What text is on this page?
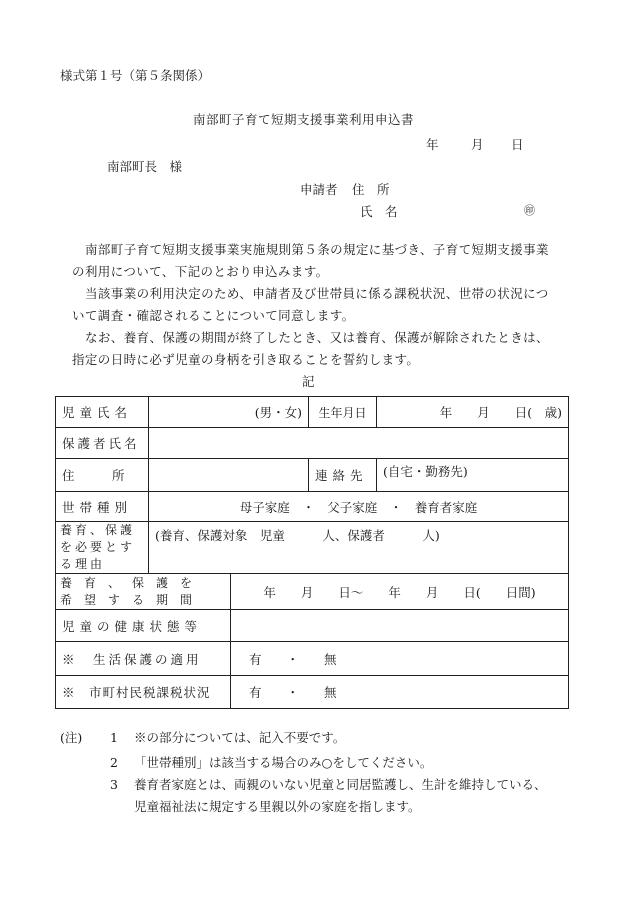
様式第１号（第５条関係）
南部町子育て短期支援事業利用申込書
年	月 日
南部町長　様
申請者 住　所
氏　名	㊞
南部町子育て短期支援事業実施規則第５条の規定に基づき、子育て短期支援事業の利用について、下記のとおり申込みます。
当該事業の利用決定のため、申請者及び世帯員に係る課税状況、世帯の状況について調査・確認されることについて同意します。
なお、養育、保護の期間が終了したとき、又は養育、保護が解除されたときは、指定の日時に必ず児童の身柄を引き取ることを誓約します。
記
児童氏名	(男・女)		生年月日	年　　月　　日(　歳)
保護者氏名				
住　　　所			連絡先	(自宅・勤務先)
世帯種別	母子家庭　・　父子家庭　・　養育者家庭			
養育、保護を必要とする理由	(養育、保護対象　児童　　　人、保護者　　　人)			
養育、保護を希望する期間		年　　月　　日～　　年　　月　　日(　　日間)		
児童の健康状態等				
※　生活保護の適用		有　　・　　無		
※　市町村民税課税状況		有　　・　　無		
(注) 1 ※の部分については、記入不要です。
2 「世帯種別」は該当する場合のみ○をしてください。
3 養育者家庭とは、両親のいない児童と同居監護し、生計を維持している、児童福祉法に規定する里親以外の家庭を指します。
